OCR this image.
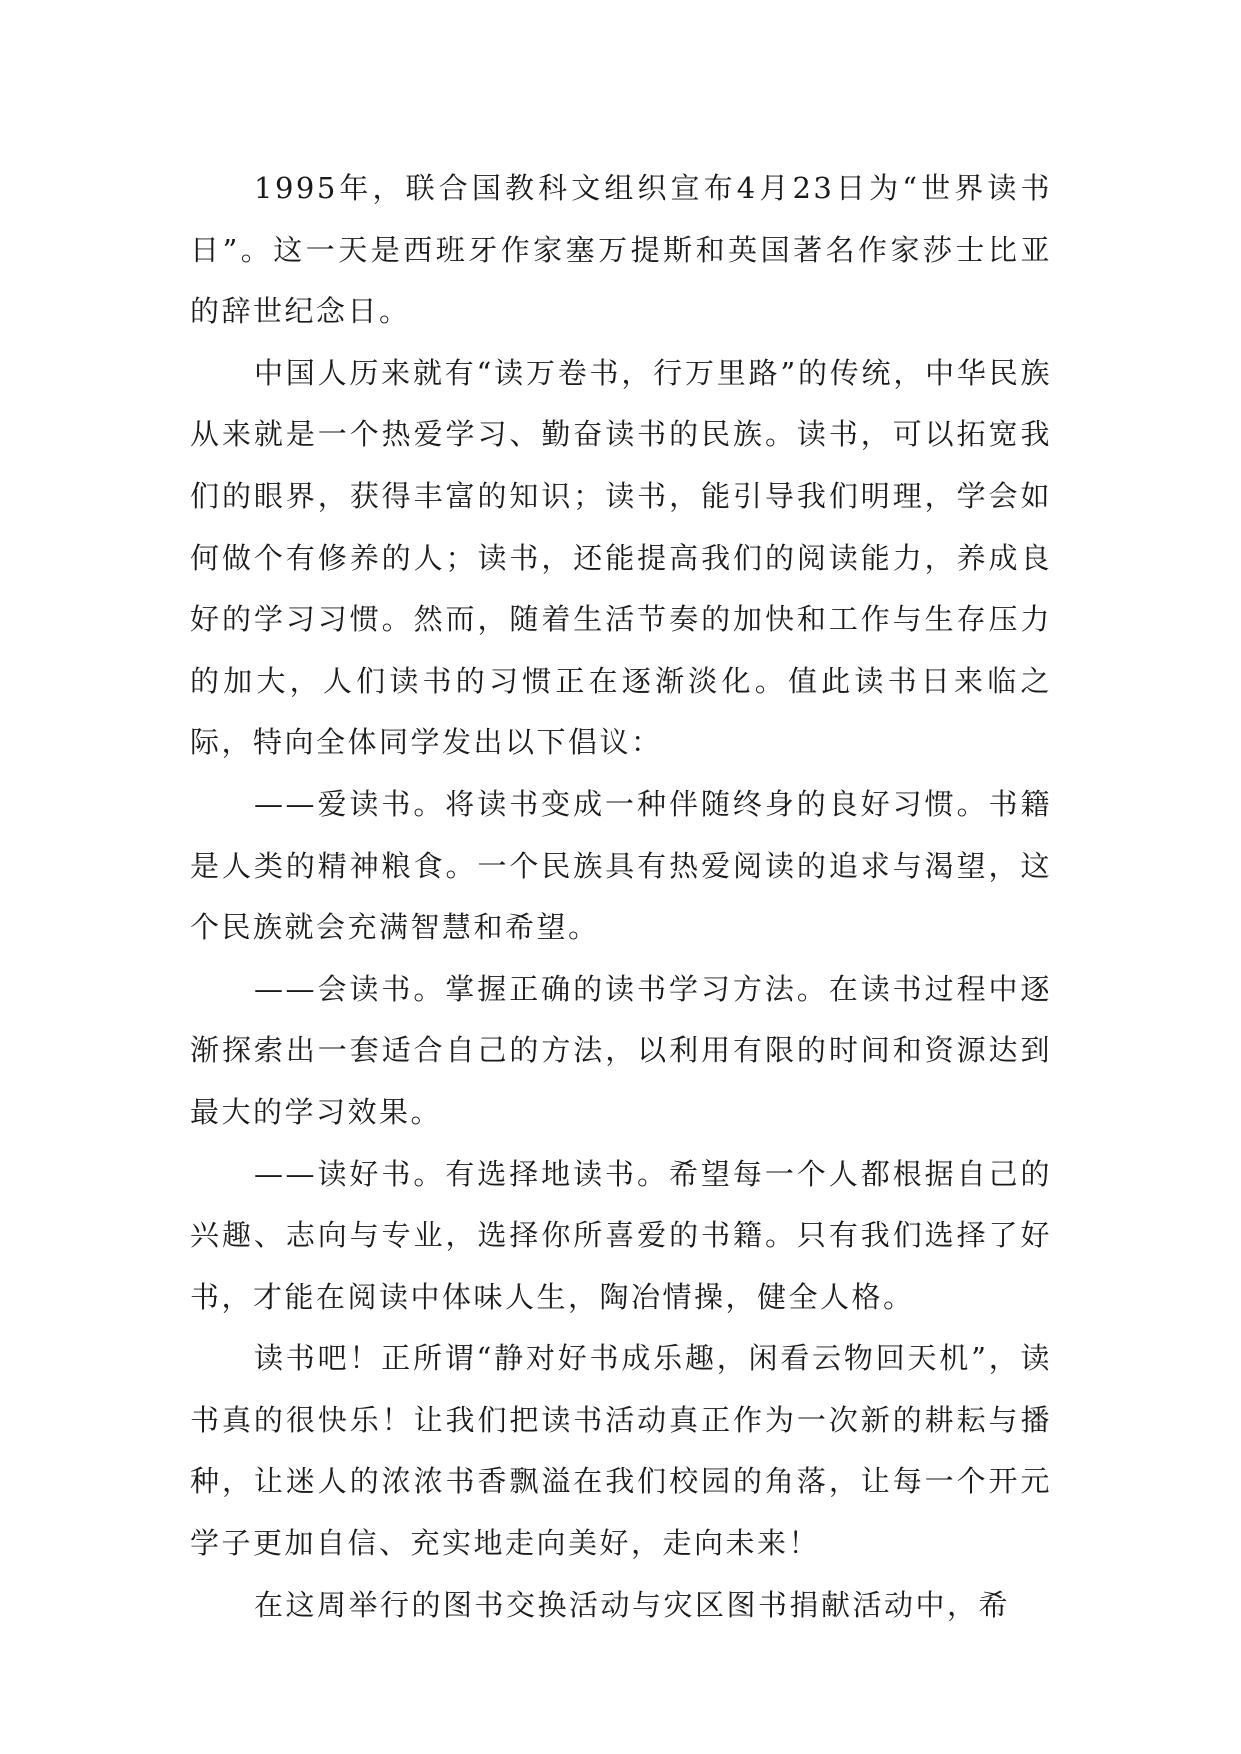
1995年，联合国教科文组织宣布4月23日为“世界读书日”。这一天是西班牙作家塞万提斯和英国著名作家莎士比亚的辞世纪念日。

中国人历来就有“读万卷书，行万里路”的传统，中华民族从来就是一个热爱学习、勤奋读书的民族。读书，可以拓宽我们的眼界，获得丰富的知识；读书，能引导我们明理，学会如何做个有修养的人；读书，还能提高我们的阅读能力，养成良好的学习习惯。然而，随着生活节奏的加快和工作与生存压力的加大，人们读书的习惯正在逐渐淡化。值此读书日来临之际，特向全体同学发出以下倡议：

——爱读书。将读书变成一种伴随终身的良好习惯。书籍是人类的精神粮食。一个民族具有热爱阅读的追求与渴望，这个民族就会充满智慧和希望。

——会读书。掌握正确的读书学习方法。在读书过程中逐渐探索出一套适合自己的方法，以利用有限的时间和资源达到最大的学习效果。

——读好书。有选择地读书。希望每一个人都根据自己的兴趣、志向与专业，选择你所喜爱的书籍。只有我们选择了好书，才能在阅读中体味人生，陶冶情操，健全人格。

读书吧！正所谓“静对好书成乐趣，闲看云物回天机”，读书真的很快乐！让我们把读书活动真正作为一次新的耕耘与播种，让迷人的浓浓书香飘溢在我们校园的角落，让每一个开元学子更加自信、充实地走向美好，走向未来！

在这周举行的图书交换活动与灾区图书捐献活动中，希
